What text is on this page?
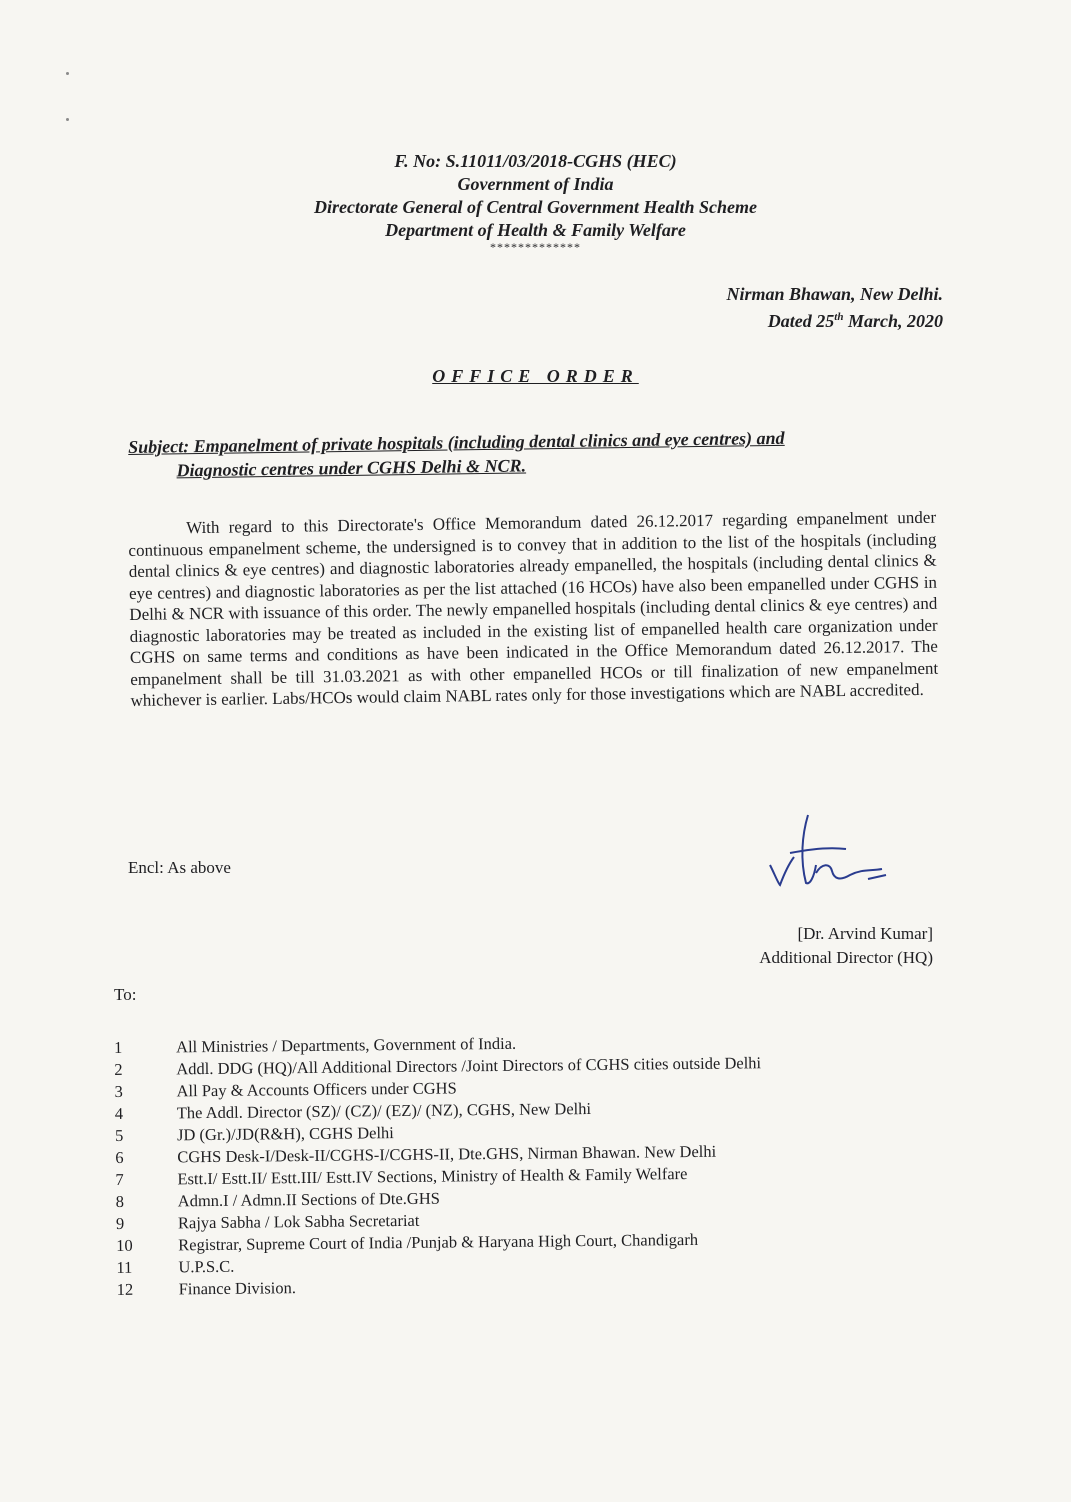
F. No: S.11011/03/2018-CGHS (HEC)
Government of India
Directorate General of Central Government Health Scheme
Department of Health & Family Welfare
*************
Nirman Bhawan, New Delhi.
Dated 25th March, 2020
OFFICE ORDER
Subject: Empanelment of private hospitals (including dental clinics and eye centres) and
Diagnostic centres under CGHS Delhi & NCR.
With regard to this Directorate's Office Memorandum dated 26.12.2017 regarding empanelment under continuous empanelment scheme, the undersigned is to convey that in addition to the list of the hospitals (including dental clinics & eye centres) and diagnostic laboratories already empanelled, the hospitals (including dental clinics & eye centres) and diagnostic laboratories as per the list attached (16 HCOs) have also been empanelled under CGHS in Delhi & NCR with issuance of this order. The newly empanelled hospitals (including dental clinics & eye centres) and diagnostic laboratories may be treated as included in the existing list of empanelled health care organization under CGHS on same terms and conditions as have been indicated in the Office Memorandum dated 26.12.2017. The empanelment shall be till 31.03.2021 as with other empanelled HCOs or till finalization of new empanelment whichever is earlier. Labs/HCOs would claim NABL rates only for those investigations which are NABL accredited.
Encl: As above
[Dr. Arvind Kumar]
Additional Director (HQ)
To:
1	All Ministries / Departments, Government of India.
2	Addl. DDG (HQ)/All Additional Directors /Joint Directors of CGHS cities outside Delhi
3	All Pay & Accounts Officers under CGHS
4	The Addl. Director (SZ)/ (CZ)/ (EZ)/ (NZ), CGHS, New Delhi
5	JD (Gr.)/JD(R&H), CGHS Delhi
6	CGHS Desk-I/Desk-II/CGHS-I/CGHS-II, Dte.GHS, Nirman Bhawan. New Delhi
7	Estt.I/ Estt.II/ Estt.III/ Estt.IV Sections, Ministry of Health & Family Welfare
8	Admn.I / Admn.II Sections of Dte.GHS
9	Rajya Sabha / Lok Sabha Secretariat
10	Registrar, Supreme Court of India /Punjab & Haryana High Court, Chandigarh
11	U.P.S.C.
12	Finance Division.
